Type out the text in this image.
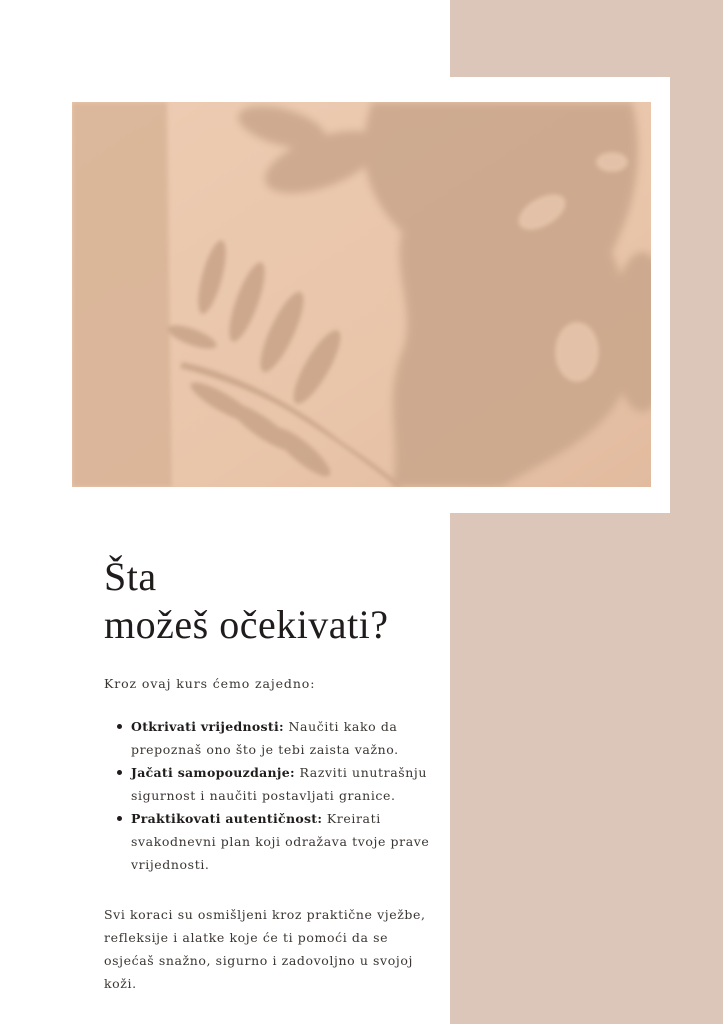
Šta
možeš očekivati?

Kroz ovaj kurs ćemo zajedno:

Otkrivati vrijednosti: Naučiti kako da prepoznaš ono što je tebi zaista važno.
Jačati samopouzdanje: Razviti unutrašnju sigurnost i naučiti postavljati granice.
Praktikovati autentičnost: Kreirati svakodnevni plan koji odražava tvoje prave vrijednosti.

Svi koraci su osmišljeni kroz praktične vježbe, refleksije i alatke koje će ti pomoći da se osjećaš snažno, sigurno i zadovoljno u svojoj koži.
